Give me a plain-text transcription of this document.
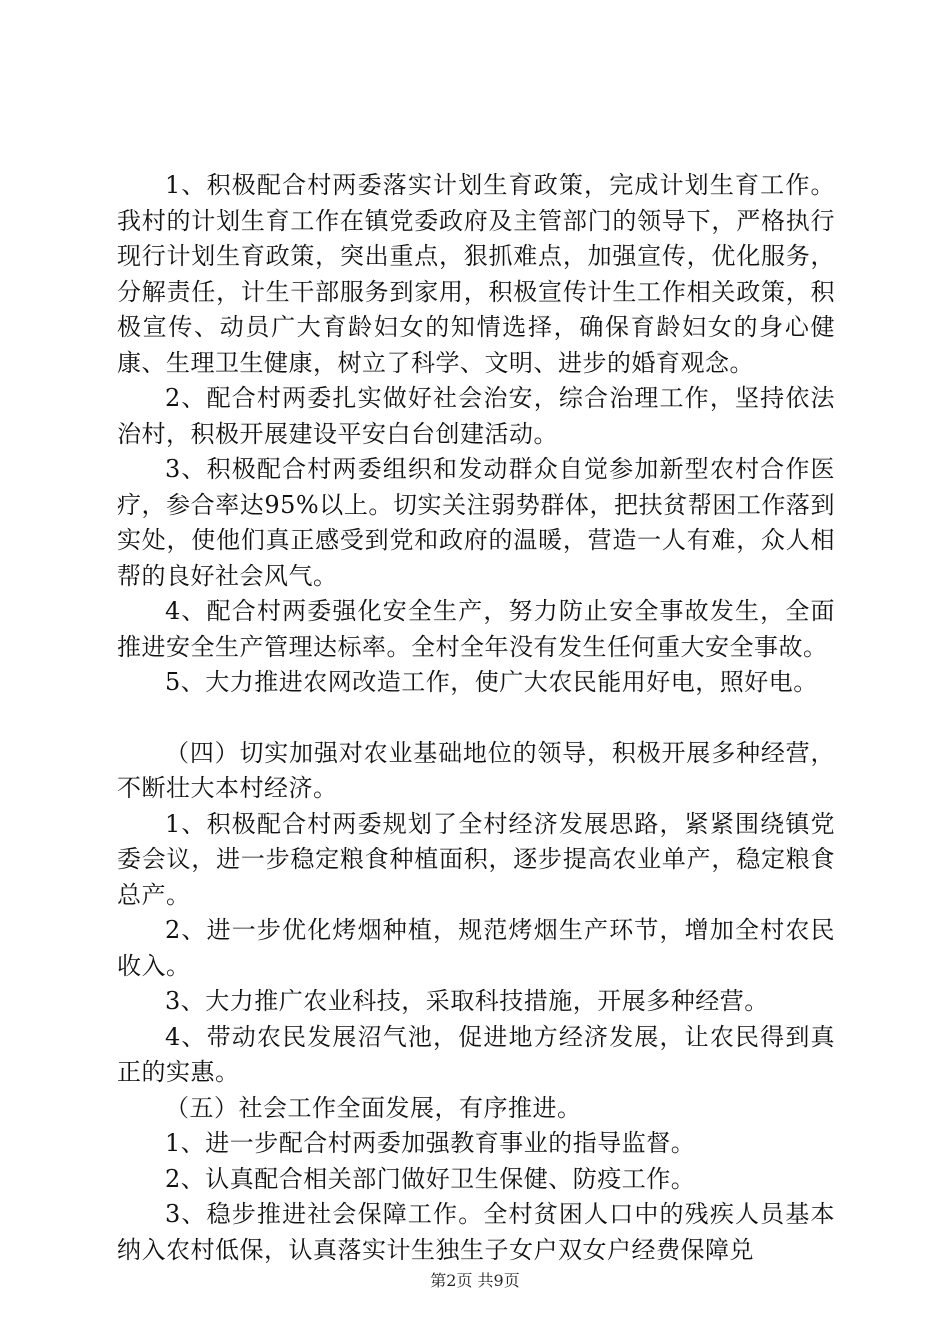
1、积极配合村两委落实计划生育政策，完成计划生育工作。我村的计划生育工作在镇党委政府及主管部门的领导下，严格执行现行计划生育政策，突出重点，狠抓难点，加强宣传，优化服务，分解责任，计生干部服务到家用，积极宣传计生工作相关政策，积极宣传、动员广大育龄妇女的知情选择，确保育龄妇女的身心健康、生理卫生健康，树立了科学、文明、进步的婚育观念。

2、配合村两委扎实做好社会治安，综合治理工作，坚持依法治村，积极开展建设平安白台创建活动。

3、积极配合村两委组织和发动群众自觉参加新型农村合作医疗，参合率达95%以上。切实关注弱势群体，把扶贫帮困工作落到实处，使他们真正感受到党和政府的温暖，营造一人有难，众人相帮的良好社会风气。

4、配合村两委强化安全生产，努力防止安全事故发生，全面推进安全生产管理达标率。全村全年没有发生任何重大安全事故。

5、大力推进农网改造工作，使广大农民能用好电，照好电。

（四）切实加强对农业基础地位的领导，积极开展多种经营，不断壮大本村经济。

1、积极配合村两委规划了全村经济发展思路，紧紧围绕镇党委会议，进一步稳定粮食种植面积，逐步提高农业单产，稳定粮食总产。

2、进一步优化烤烟种植，规范烤烟生产环节，增加全村农民收入。

3、大力推广农业科技，采取科技措施，开展多种经营。

4、带动农民发展沼气池，促进地方经济发展，让农民得到真正的实惠。

（五）社会工作全面发展，有序推进。

1、进一步配合村两委加强教育事业的指导监督。

2、认真配合相关部门做好卫生保健、防疫工作。

3、稳步推进社会保障工作。全村贫困人口中的残疾人员基本纳入农村低保，认真落实计生独生子女户双女户经费保障兑

第2页 共9页
